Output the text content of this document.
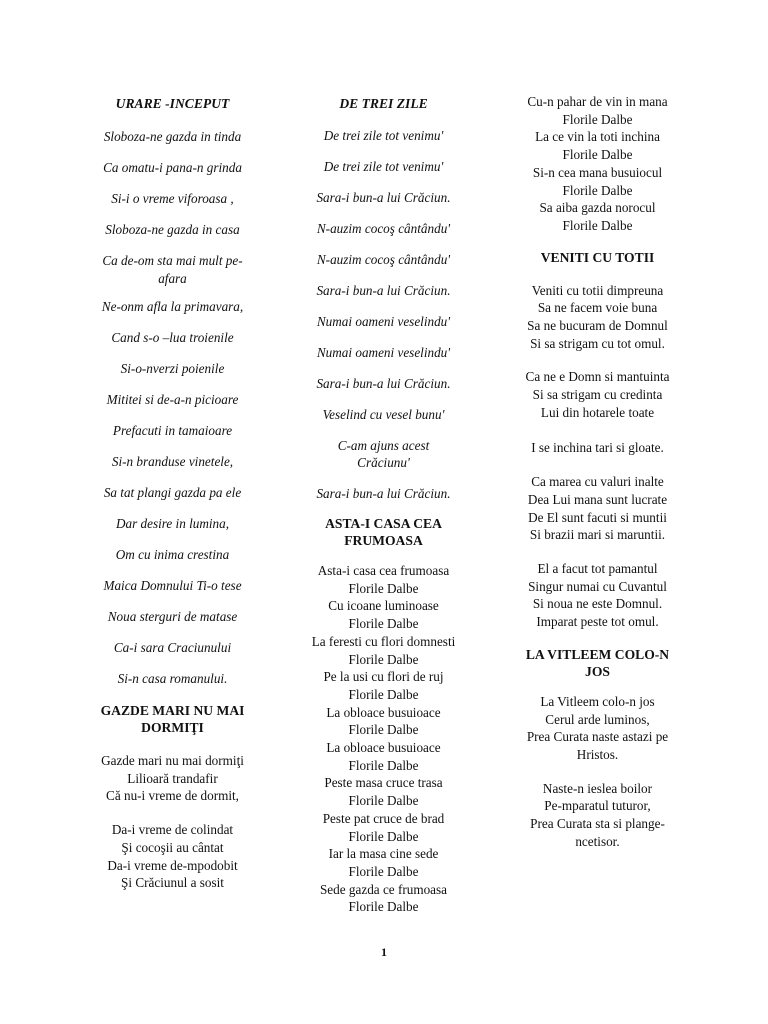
URARE -INCEPUT
Sloboza-ne gazda in tinda
Ca omatu-i pana-n grinda
Si-i o vreme viforoasa ,
Sloboza-ne gazda in casa
Ca de-om sta mai mult pe-
afara
Ne-onm afla la primavara,
Cand s-o –lua troienile
Si-o-nverzi poienile
Mititei si de-a-n picioare
Prefacuti in tamaioare
Si-n branduse vinetele,
Sa tat plangi gazda pa ele
Dar desire in lumina,
Om cu inima crestina
Maica Domnului Ti-o tese
Noua sterguri de matase
Ca-i sara Craciunului
Si-n casa romanului.
GAZDE MARI NU MAI
DORMIŢI
Gazde mari nu mai dormiţi
Lilioară trandafir
Că nu-i vreme de dormit,
Da-i vreme de colindat
Şi cocoşii au cântat
Da-i vreme de-mpodobit
Şi Crăciunul a sosit
DE TREI ZILE
De trei zile tot venimu'
De trei zile tot venimu'
Sara-i bun-a lui Crăciun.
N-auzim cocoş cântându'
N-auzim cocoş cântându'
Sara-i bun-a lui Crăciun.
Numai oameni veselindu'
Numai oameni veselindu'
Sara-i bun-a lui Crăciun.
Veselind cu vesel bunu'
C-am ajuns acest
Crăciunu'
Sara-i bun-a lui Crăciun.
ASTA-I CASA CEA
FRUMOASA
Asta-i casa cea frumoasa
Florile Dalbe
Cu icoane luminoase
Florile Dalbe
La feresti cu flori domnesti
Florile Dalbe
Pe la usi cu flori de ruj
Florile Dalbe
La obloace busuioace
Florile Dalbe
La obloace busuioace
Florile Dalbe
Peste masa cruce trasa
Florile Dalbe
Peste pat cruce de brad
Florile Dalbe
Iar la masa cine sede
Florile Dalbe
Sede gazda ce frumoasa
Florile Dalbe
Cu-n pahar de vin in mana
Florile Dalbe
La ce vin la toti inchina
Florile Dalbe
Si-n cea mana busuiocul
Florile Dalbe
Sa aiba gazda norocul
Florile Dalbe
VENITI CU TOTII
Veniti cu totii dimpreuna
Sa ne facem voie buna
Sa ne bucuram de Domnul
Si sa strigam cu tot omul.
Ca ne e Domn si mantuinta
Si sa strigam cu credinta
Lui din hotarele toate
I se inchina tari si gloate.
Ca marea cu valuri inalte
Dea Lui mana sunt lucrate
De El sunt facuti si muntii
Si brazii mari si maruntii.
El a facut tot pamantul
Singur numai cu Cuvantul
Si noua ne este Domnul.
Imparat peste tot omul.
LA VITLEEM COLO-N
JOS
La Vitleem colo-n jos
Cerul arde luminos,
Prea Curata naste astazi pe
Hristos.
Naste-n ieslea boilor
Pe-mparatul tuturor,
Prea Curata sta si plange-
ncetisor.
1
